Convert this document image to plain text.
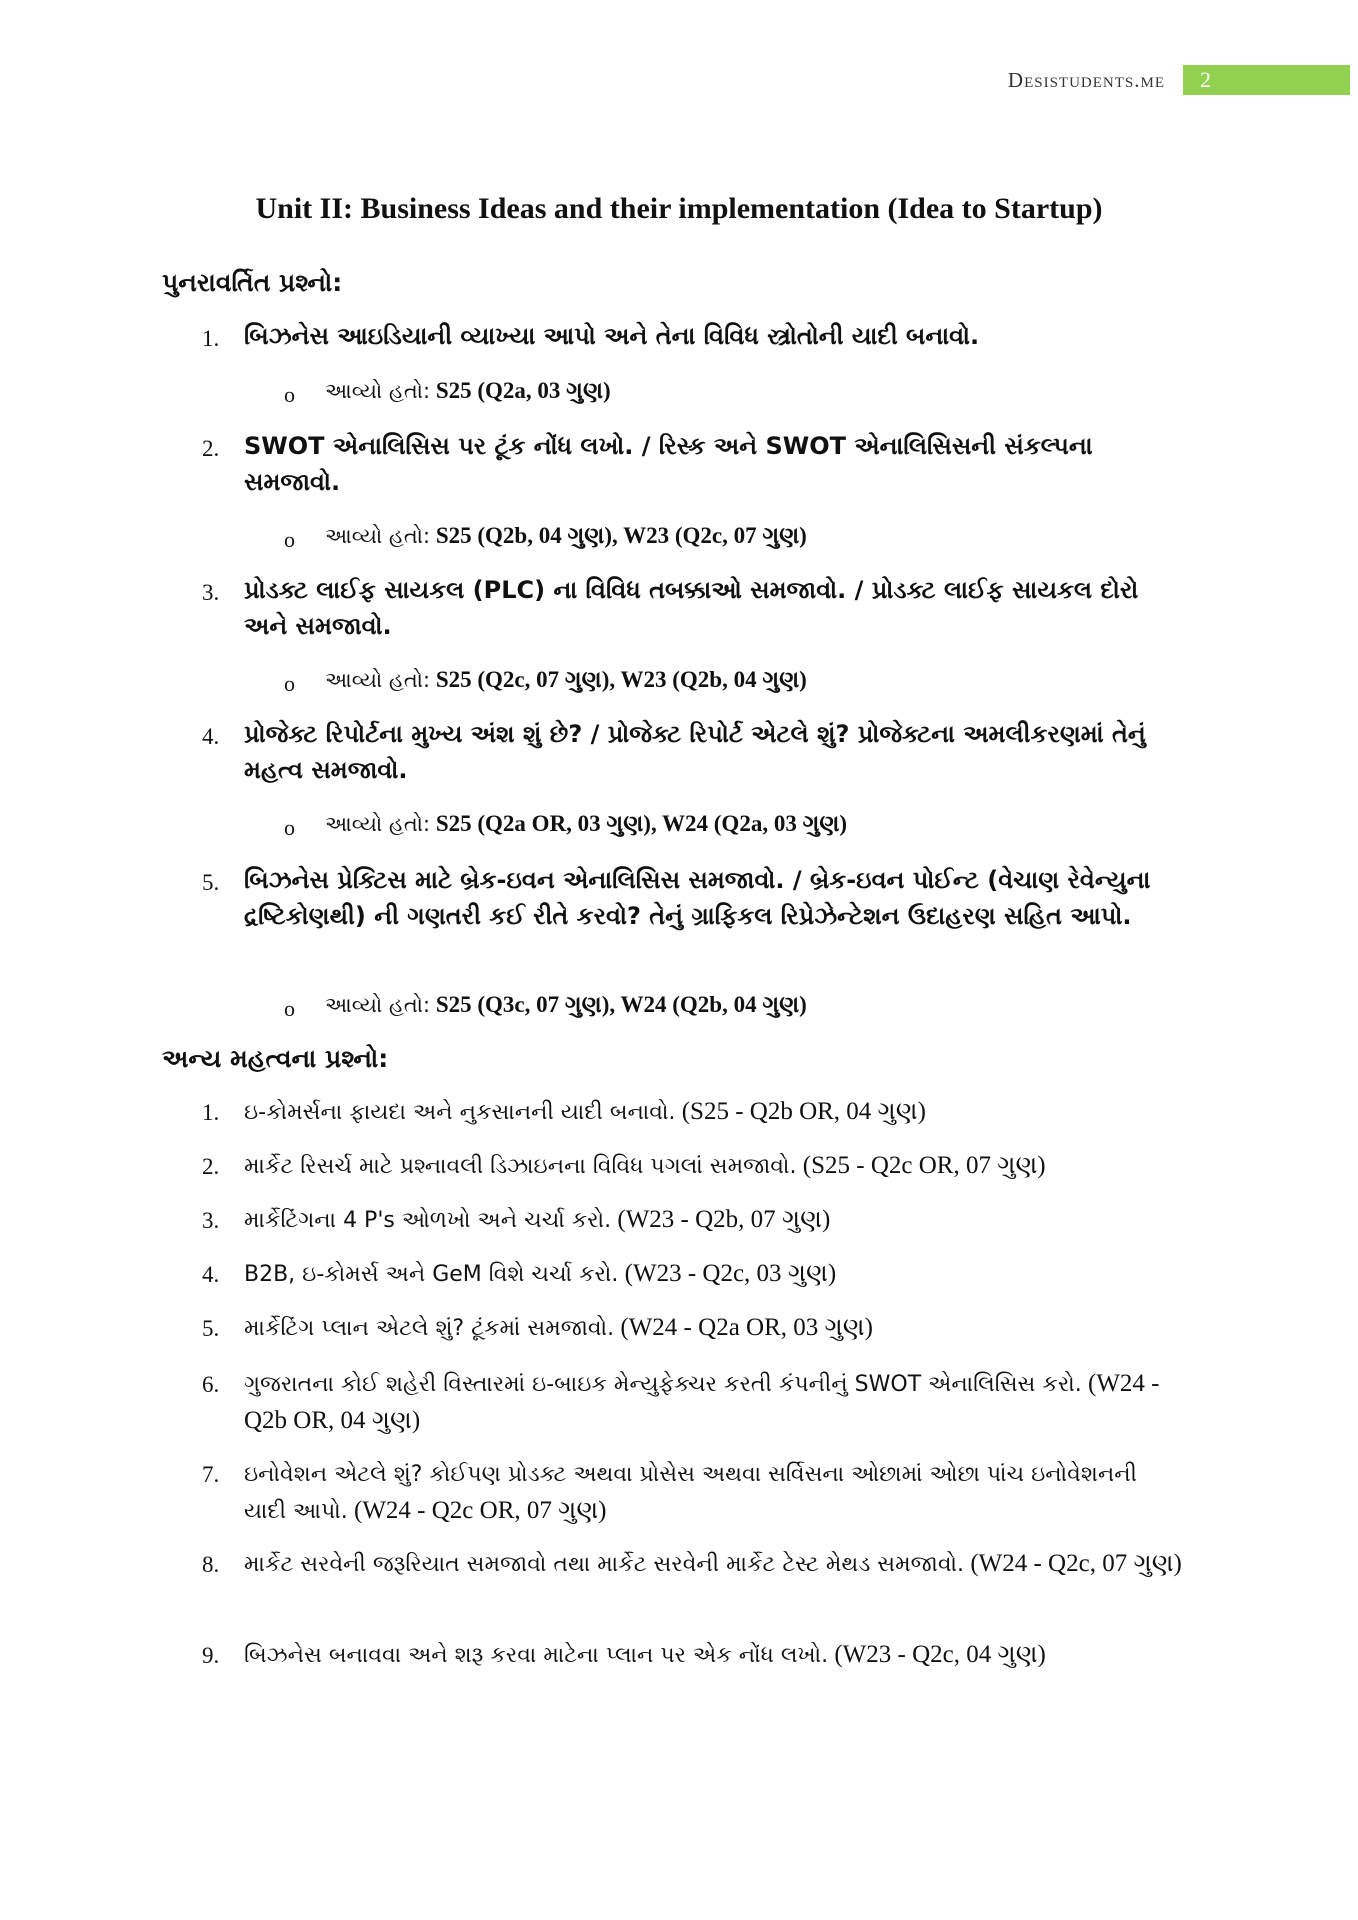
Desistudents.me	2
Unit II: Business Ideas and their implementation (Idea to Startup)
પુનરાવર્તિત પ્રશ્નો:
1.	બિઝનેસ આઇડિયાની વ્યાખ્યા આપો અને તેના વિવિધ સ્ત્રોતોની યાદી બનાવો.
o આવ્યો હતો: S25 (Q2a, 03 ગુણ)
2.	SWOT એનાલિસિસ પર ટૂંક નોંધ લખો. / રિસ્ક અને SWOT એનાલિસિસની સંકલ્પના સમજાવો.
o આવ્યો હતો: S25 (Q2b, 04 ગુણ), W23 (Q2c, 07 ગુણ)
3.	પ્રોડક્ટ લાઈફ સાયકલ (PLC) ના વિવિધ તબક્કાઓ સમજાવો. / પ્રોડક્ટ લાઈફ સાયકલ દોરો અને સમજાવો.
o આવ્યો હતો: S25 (Q2c, 07 ગુણ), W23 (Q2b, 04 ગુણ)
4.	પ્રોજેક્ટ રિપોર્ટના મુખ્ય અંશ શું છે? / પ્રોજેક્ટ રિપોર્ટ એટલે શું? પ્રોજેક્ટના અમલીકરણમાં તેનું મહત્વ સમજાવો.
o આવ્યો હતો: S25 (Q2a OR, 03 ગુણ), W24 (Q2a, 03 ગુણ)
5.	બિઝનેસ પ્રેક્ટિસ માટે બ્રેક-ઇવન એનાલિસિસ સમજાવો. / બ્રેક-ઇવન પોઈન્ટ (વેચાણ રેવેન્યુના દ્રષ્ટિકોણથી) ની ગણતરી કઈ રીતે કરવો? તેનું ગ્રાફિકલ રિપ્રેઝેન્ટેશન ઉદાહરણ સહિત આપો.
o આવ્યો હતો: S25 (Q3c, 07 ગુણ), W24 (Q2b, 04 ગુણ)
અન્ય મહત્વના પ્રશ્નો:
1.	ઇ-કોમર્સના ફાયદા અને નુકસાનની યાદી બનાવો. (S25 - Q2b OR, 04 ગુણ)
2.	માર્કેટ રિસર્ચ માટે પ્રશ્નાવલી ડિઝાઇનના વિવિધ પગલાં સમજાવો. (S25 - Q2c OR, 07 ગુણ)
3.	માર્કેટિંગના 4 P's ઓળખો અને ચર્ચા કરો. (W23 - Q2b, 07 ગુણ)
4.	B2B, ઇ-કોમર્સ અને GeM વિશે ચર્ચા કરો. (W23 - Q2c, 03 ગુણ)
5.	માર્કેટિંગ પ્લાન એટલે શું? ટૂંકમાં સમજાવો. (W24 - Q2a OR, 03 ગુણ)
6.	ગુજરાતના કોઈ શહેરી વિસ્તારમાં ઇ-બાઇક મેન્યુફેક્ચર કરતી કંપનીનું SWOT એનાલિસિસ કરો. (W24 - Q2b OR, 04 ગુણ)
7.	ઇનોવેશન એટલે શું? કોઈપણ પ્રોડક્ટ અથવા પ્રોસેસ અથવા સર્વિસના ઓછામાં ઓછા પાંચ ઇનોવેશનની યાદી આપો. (W24 - Q2c OR, 07 ગુણ)
8.	માર્કેટ સરવેની જરૂરિયાત સમજાવો તથા માર્કેટ સરવેની માર્કેટ ટેસ્ટ મેથડ સમજાવો. (W24 - Q2c, 07 ગુણ)
9.	બિઝનેસ બનાવવા અને શરૂ કરવા માટેના પ્લાન પર એક નોંધ લખો. (W23 - Q2c, 04 ગુણ)
